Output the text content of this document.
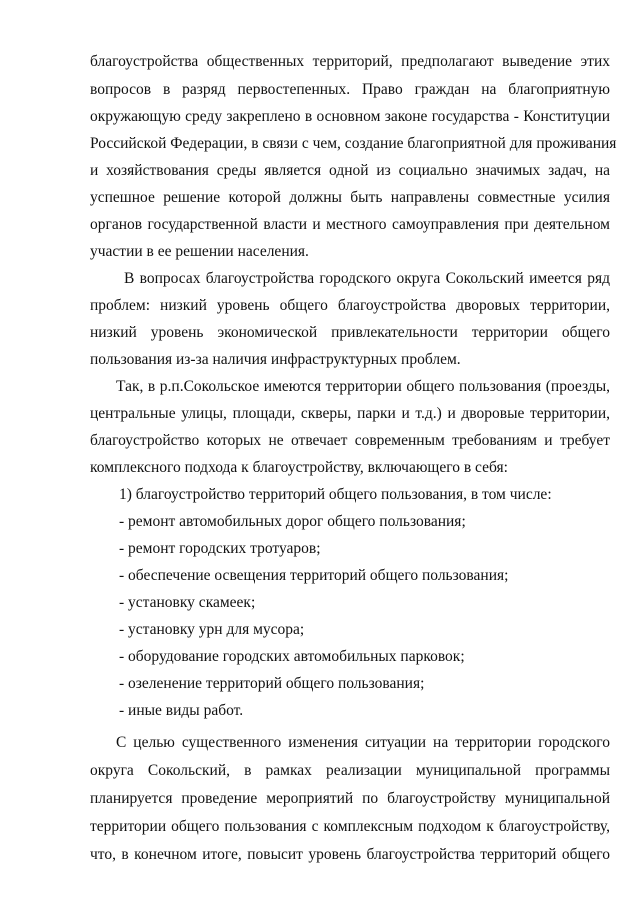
благоустройства общественных территорий, предполагают выведение этих
вопросов в разряд первостепенных. Право граждан на благоприятную
окружающую среду закреплено в основном законе государства - Конституции
Российской Федерации, в связи с чем, создание благоприятной для проживания
и хозяйствования среды является одной из социально значимых задач, на
успешное решение которой должны быть направлены совместные усилия
органов государственной власти и местного самоуправления при деятельном
участии в ее решении населения.
В вопросах благоустройства городского округа Сокольский имеется ряд
проблем: низкий уровень общего благоустройства дворовых территории,
низкий уровень экономической привлекательности территории общего
пользования из-за наличия инфраструктурных проблем.
Так, в р.п.Сокольское имеются территории общего пользования (проезды,
центральные улицы, площади, скверы, парки и т.д.) и дворовые территории,
благоустройство которых не отвечает современным требованиям и требует
комплексного подхода к благоустройству, включающего в себя:
1) благоустройство территорий общего пользования, в том числе:
- ремонт автомобильных дорог общего пользования;
- ремонт городских тротуаров;
- обеспечение освещения территорий общего пользования;
- установку скамеек;
- установку урн для мусора;
- оборудование городских автомобильных парковок;
- озеленение территорий общего пользования;
- иные виды работ.
С целью существенного изменения ситуации на территории городского
округа Сокольский, в рамках реализации муниципальной программы
планируется проведение мероприятий по благоустройству муниципальной
территории общего пользования с комплексным подходом к благоустройству,
что, в конечном итоге, повысит уровень благоустройства территорий общего
